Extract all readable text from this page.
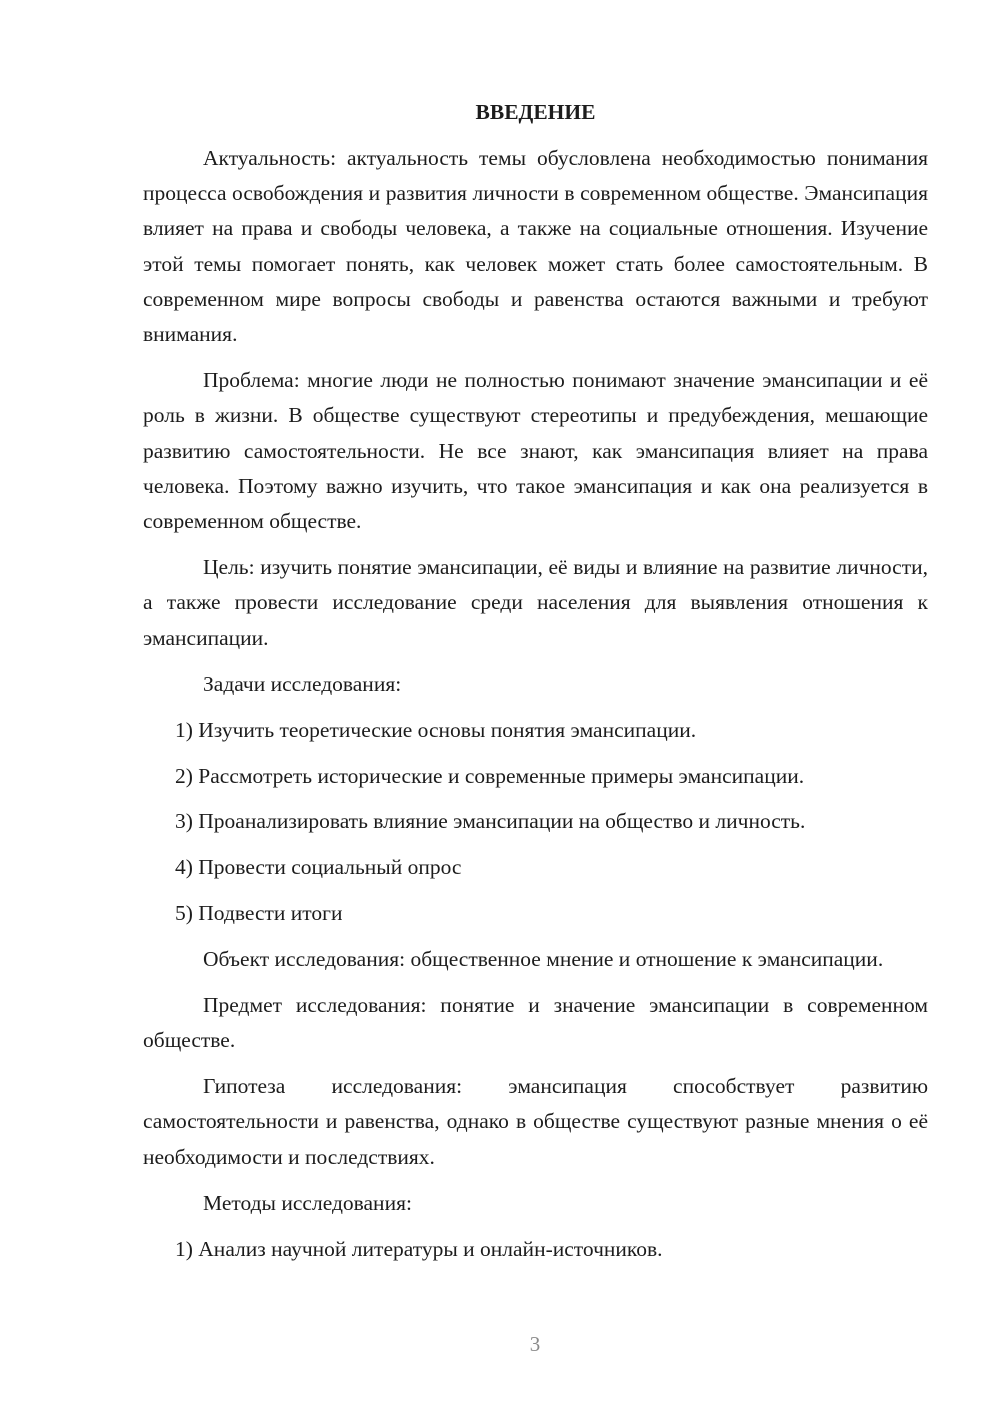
ВВЕДЕНИЕ

Актуальность: актуальность темы обусловлена необходимостью понимания процесса освобождения и развития личности в современном обществе. Эмансипация влияет на права и свободы человека, а также на социальные отношения. Изучение этой темы помогает понять, как человек может стать более самостоятельным. В современном мире вопросы свободы и равенства остаются важными и требуют внимания.

Проблема: многие люди не полностью понимают значение эмансипации и её роль в жизни. В обществе существуют стереотипы и предубеждения, мешающие развитию самостоятельности. Не все знают, как эмансипация влияет на права человека. Поэтому важно изучить, что такое эмансипация и как она реализуется в современном обществе.

Цель: изучить понятие эмансипации, её виды и влияние на развитие личности, а также провести исследование среди населения для выявления отношения к эмансипации.

Задачи исследования:

1) Изучить теоретические основы понятия эмансипации.

2) Рассмотреть исторические и современные примеры эмансипации.

3) Проанализировать влияние эмансипации на общество и личность.

4) Провести социальный опрос

5) Подвести итоги

Объект исследования: общественное мнение и отношение к эмансипации.

Предмет исследования: понятие и значение эмансипации в современном обществе.

Гипотеза исследования: эмансипация способствует развитию самостоятельности и равенства, однако в обществе существуют разные мнения о её необходимости и последствиях.

Методы исследования:

1) Анализ научной литературы и онлайн-источников.

3
